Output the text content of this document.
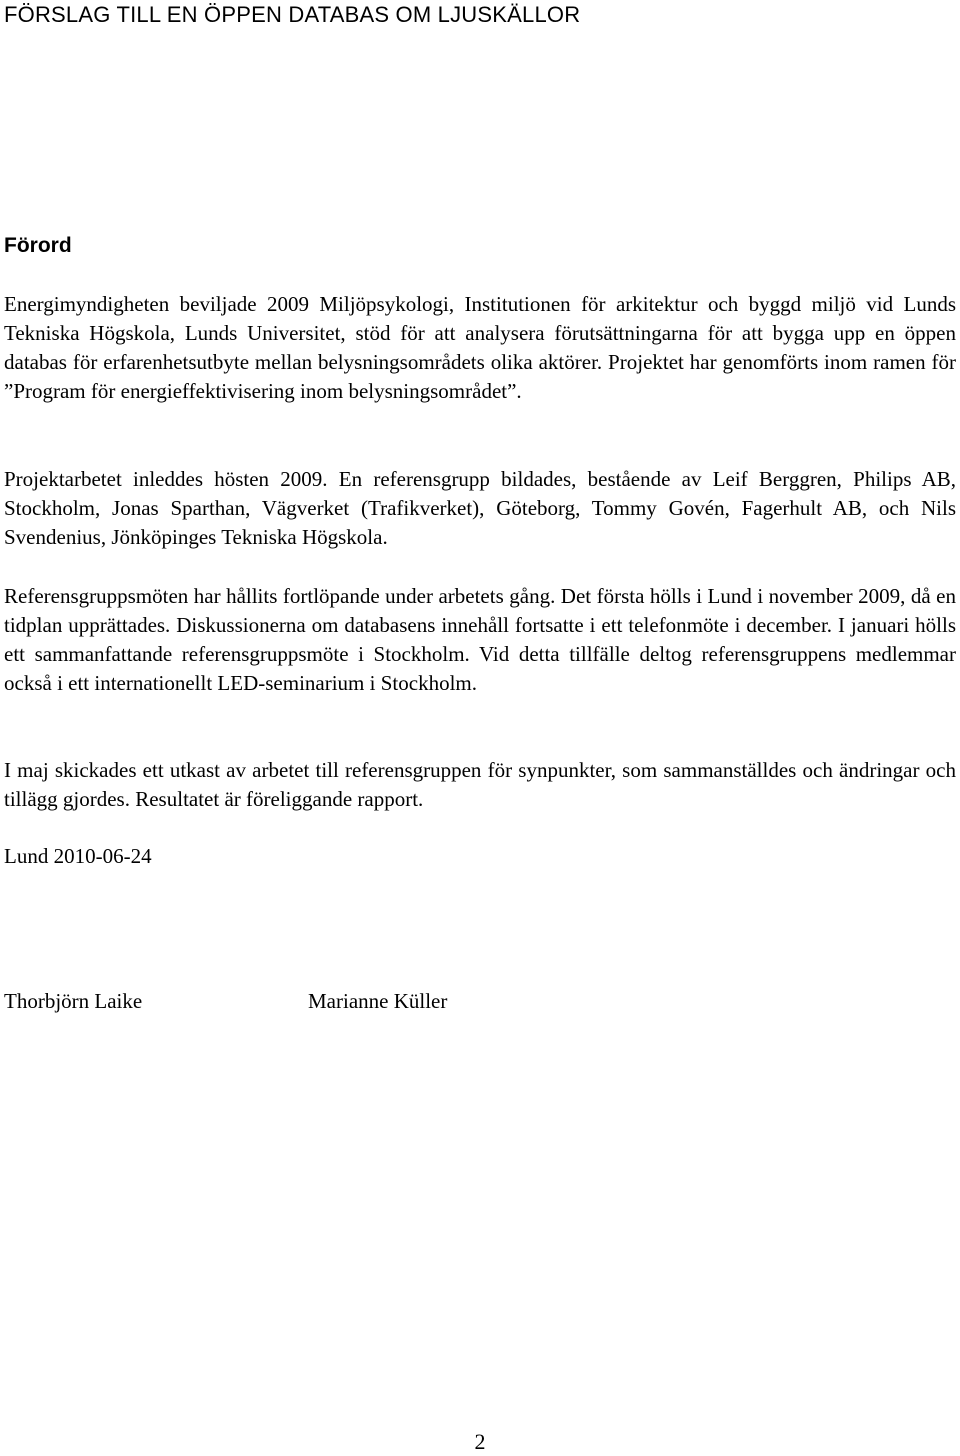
FÖRSLAG TILL EN ÖPPEN DATABAS OM LJUSKÄLLOR
Förord

Energimyndigheten beviljade 2009 Miljöpsykologi, Institutionen för arkitektur och byggd miljö vid Lunds Tekniska Högskola, Lunds Universitet, stöd för att analysera förutsättningarna för att bygga upp en öppen databas för erfarenhetsutbyte mellan belysningsområdets olika aktörer. Projektet har genomförts inom ramen för ”Program för energieffektivisering inom belysningsområdet”.

Projektarbetet inleddes hösten 2009. En referensgrupp bildades, bestående av Leif Berggren, Philips AB, Stockholm, Jonas Sparthan, Vägverket (Trafikverket), Göteborg, Tommy Govén, Fagerhult AB, och Nils Svendenius, Jönköpinges Tekniska Högskola.

Referensgruppsmöten har hållits fortlöpande under arbetets gång. Det första hölls i Lund i november 2009, då en tidplan upprättades. Diskussionerna om databasens innehåll fortsatte i ett telefonmöte i december. I januari hölls ett sammanfattande referensgruppsmöte i Stockholm. Vid detta tillfälle deltog referensgruppens medlemmar också i ett internationellt LED-seminarium i Stockholm.

I maj skickades ett utkast av arbetet till referensgruppen för synpunkter, som sammanställdes och ändringar och tillägg gjordes. Resultatet är föreliggande rapport.

Lund 2010-06-24

Thorbjörn Laike	Marianne Küller

2
